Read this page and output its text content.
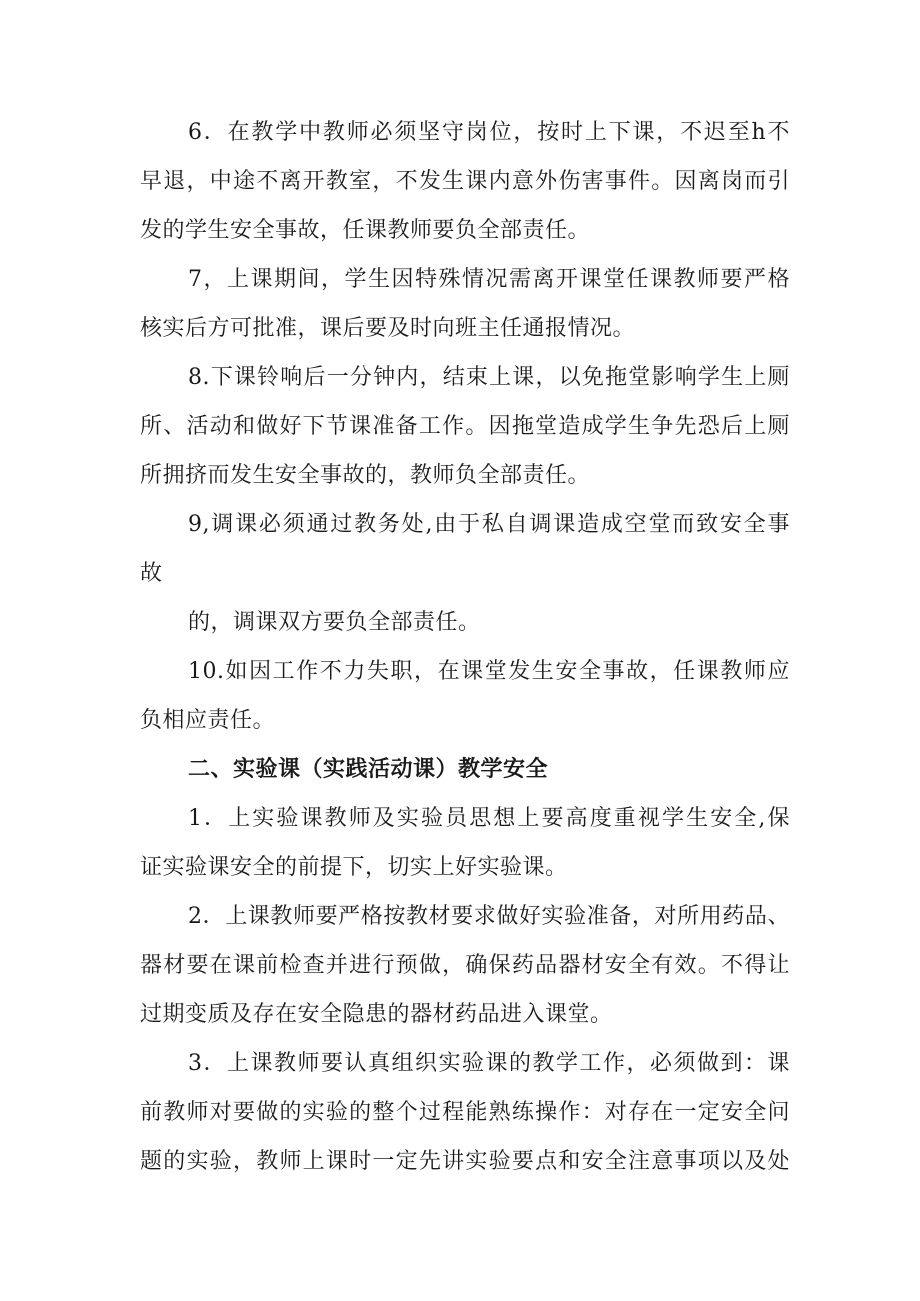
6．在教学中教师必须坚守岗位，按时上下课，不迟至h不
早退，中途不离开教室，不发生课内意外伤害事件。因离岗而引
发的学生安全事故，任课教师要负全部责任。
7，上课期间，学生因特殊情况需离开课堂任课教师要严格
核实后方可批准，课后要及时向班主任通报情况。
8.下课铃响后一分钟内，结束上课，以免拖堂影响学生上厕
所、活动和做好下节课准备工作。因拖堂造成学生争先恐后上厕
所拥挤而发生安全事故的，教师负全部责任。
9,调课必须通过教务处,由于私自调课造成空堂而致安全事
故
的，调课双方要负全部责任。
10.如因工作不力失职，在课堂发生安全事故，任课教师应
负相应责任。
二、实验课（实践活动课）教学安全
1．上实验课教师及实验员思想上要高度重视学生安全,保
证实验课安全的前提下，切实上好实验课。
2．上课教师要严格按教材要求做好实验准备，对所用药品、
器材要在课前检查并进行预做，确保药品器材安全有效。不得让
过期变质及存在安全隐患的器材药品进入课堂。
3．上课教师要认真组织实验课的教学工作，必须做到：课
前教师对要做的实验的整个过程能熟练操作：对存在一定安全问
题的实验，教师上课时一定先讲实验要点和安全注意事项以及处
